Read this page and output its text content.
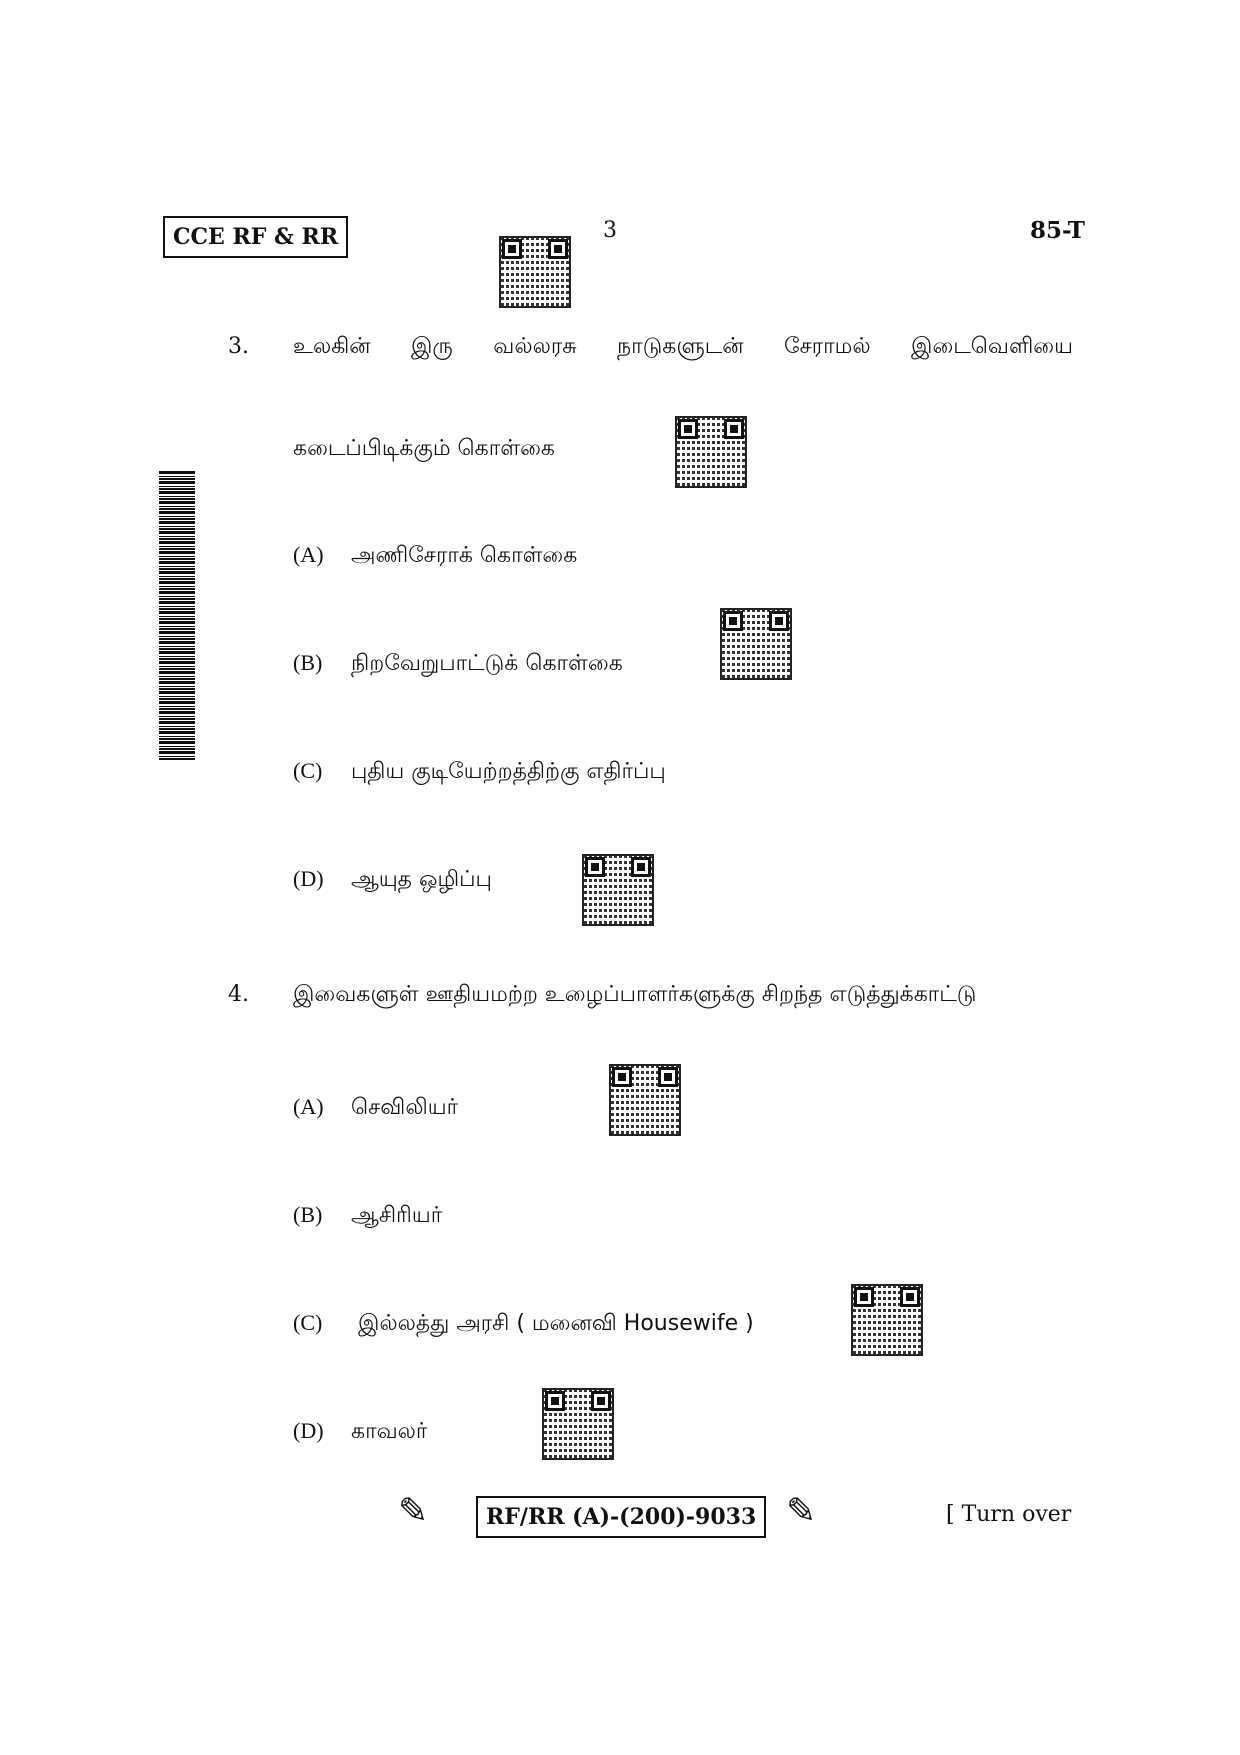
CCE RF & RR	3	85-T
3. உலகின் இரு வல்லரசு நாடுகளுடன் சேராமல் இடைவெளியை
கடைப்பிடிக்கும் கொள்கை
(A) அணிசேராக் கொள்கை
(B) நிறவேறுபாட்டுக் கொள்கை
(C) புதிய குடியேற்றத்திற்கு எதிர்ப்பு
(D) ஆயுத ஒழிப்பு
4. இவைகளுள் ஊதியமற்ற உழைப்பாளர்களுக்கு சிறந்த எடுத்துக்காட்டு
(A) செவிலியர்
(B) ஆசிரியர்
(C) இல்லத்து அரசி ( மனைவி Housewife )
(D) காவலர்
✎	RF/RR (A)-(200)-9033 ✎	[ Turn over
